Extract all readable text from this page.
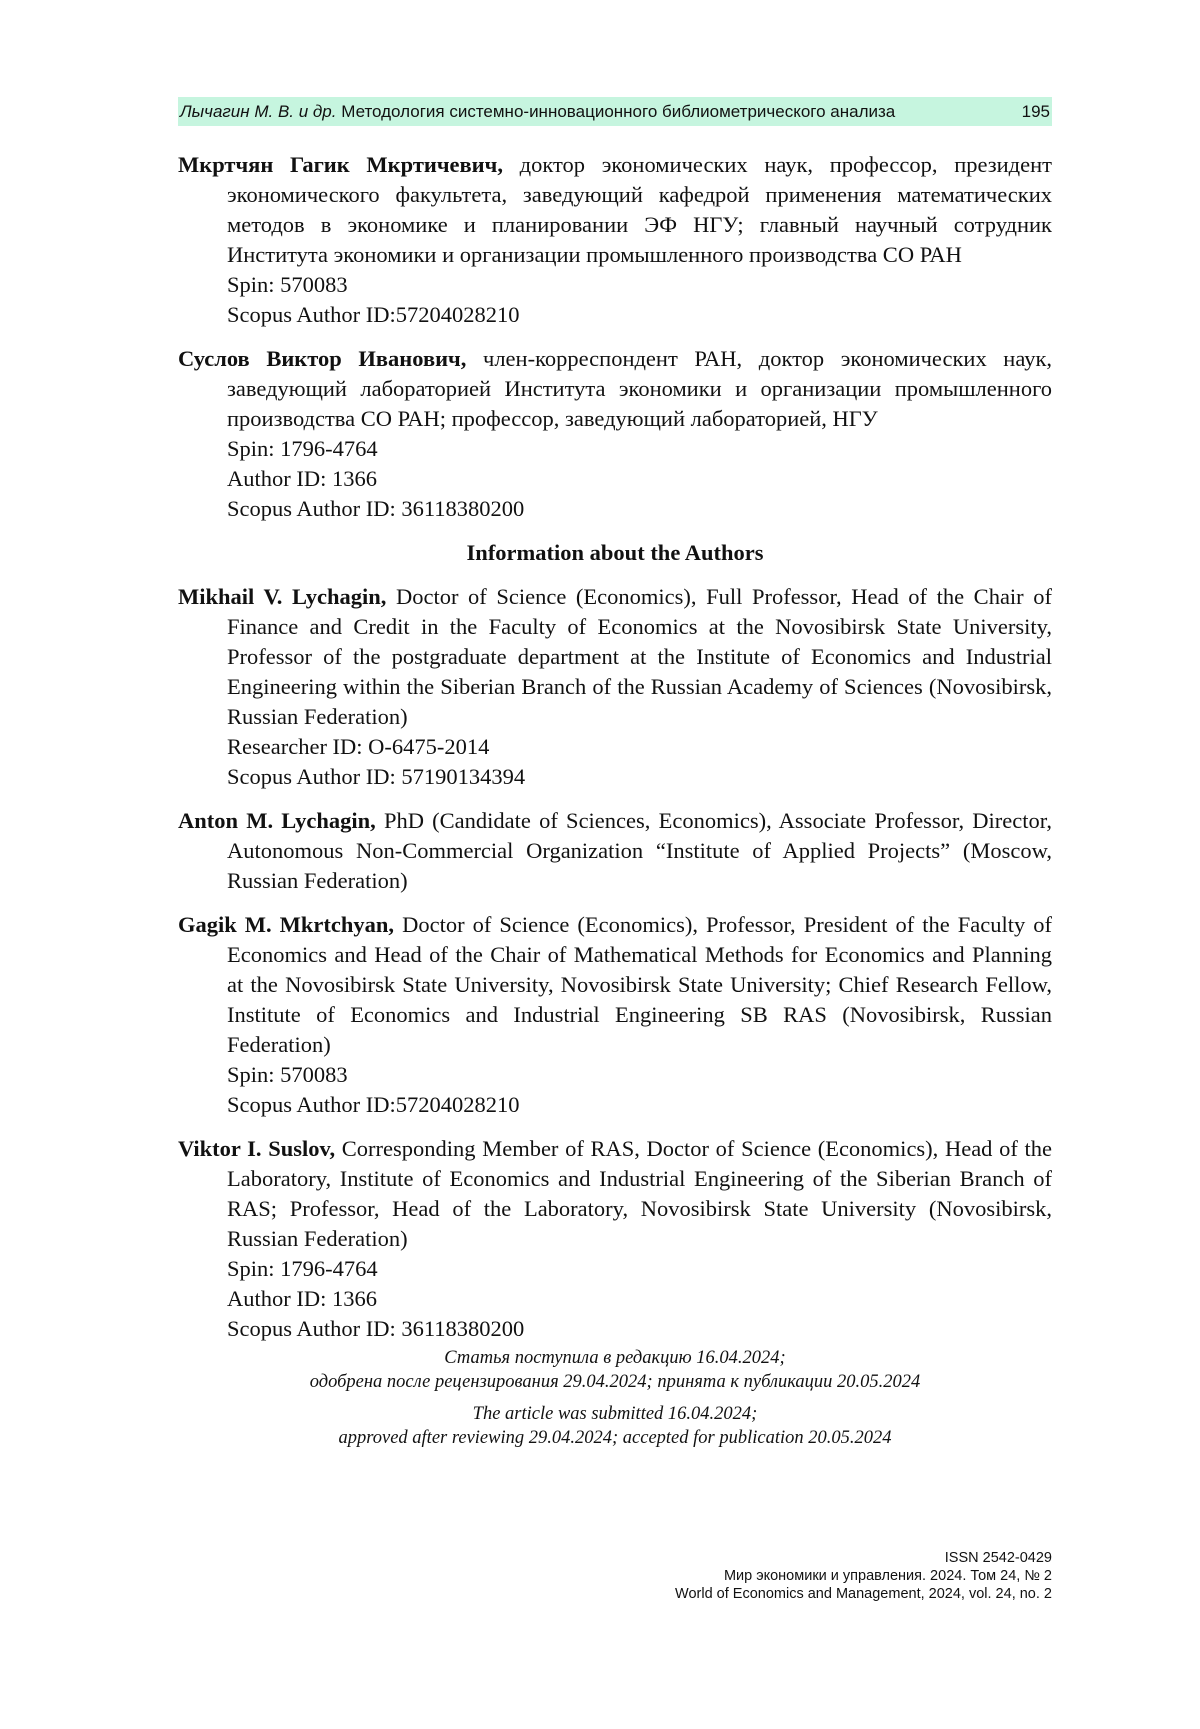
Лычагин М. В. и др. Методология системно-инновационного библиометрического анализа	195
Мкртчян Гагик Мкртичевич, доктор экономических наук, профессор, президент экономического факультета, заведующий кафедрой применения математических методов в экономике и планировании ЭФ НГУ; главный научный сотрудник Института экономики и организации промышленного производства СО РАН
Spin: 570083
Scopus Author ID:57204028210
Суслов Виктор Иванович, член-корреспондент РАН, доктор экономических наук, заведующий лабораторией Института экономики и организации промышленного производства СО РАН; профессор, заведующий лабораторией, НГУ
Spin: 1796-4764
Author ID: 1366
Scopus Author ID: 36118380200
Information about the Authors
Mikhail V. Lychagin, Doctor of Science (Economics), Full Professor, Head of the Chair of Finance and Credit in the Faculty of Economics at the Novosibirsk State University, Professor of the postgraduate department at the Institute of Economics and Industrial Engineering within the Siberian Branch of the Russian Academy of Sciences (Novosibirsk, Russian Federation)
Researcher ID: O-6475-2014
Scopus Author ID: 57190134394
Anton M. Lychagin, PhD (Candidate of Sciences, Economics), Associate Professor, Director, Autonomous Non-Commercial Organization “Institute of Applied Projects” (Moscow, Russian Federation)
Gagik M. Mkrtchyan, Doctor of Science (Economics), Professor, President of the Faculty of Economics and Head of the Chair of Mathematical Methods for Economics and Planning at the Novosibirsk State University, Novosibirsk State University; Chief Research Fellow, Institute of Economics and Industrial Engineering SB RAS (Novosibirsk, Russian Federation)
Spin: 570083
Scopus Author ID:57204028210
Viktor I. Suslov, Corresponding Member of RAS, Doctor of Science (Economics), Head of the Laboratory, Institute of Economics and Industrial Engineering of the Siberian Branch of RAS; Professor, Head of the Laboratory, Novosibirsk State University (Novosibirsk, Russian Federation)
Spin: 1796-4764
Author ID: 1366
Scopus Author ID: 36118380200
Статья поступила в редакцию 16.04.2024;
одобрена после рецензирования 29.04.2024; принята к публикации 20.05.2024
The article was submitted 16.04.2024;
approved after reviewing 29.04.2024; accepted for publication 20.05.2024
ISSN 2542-0429
Мир экономики и управления. 2024. Том 24, № 2
World of Economics and Management, 2024, vol. 24, no. 2
